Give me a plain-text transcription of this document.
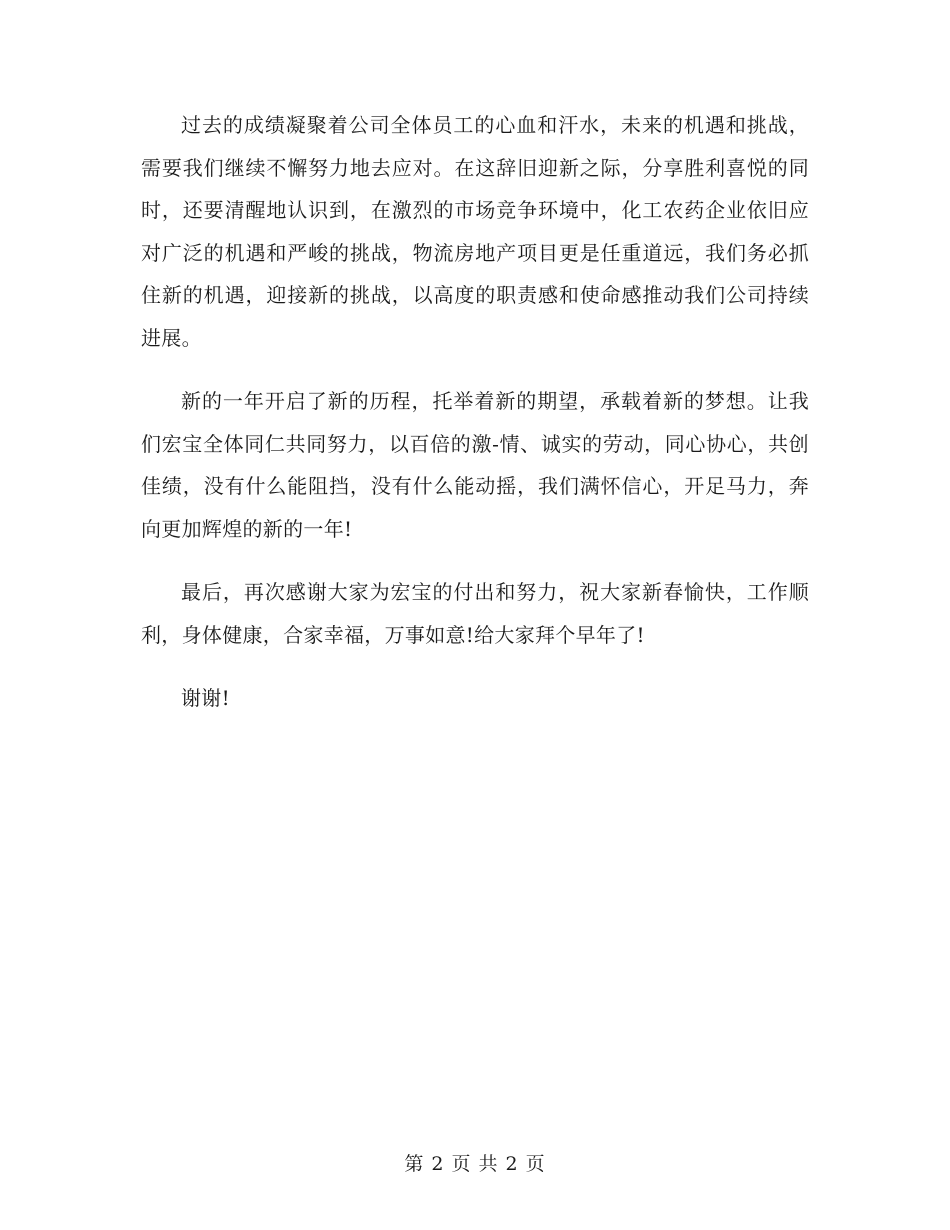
过去的成绩凝聚着公司全体员工的心血和汗水，未来的机遇和挑战，需要我们继续不懈努力地去应对。在这辞旧迎新之际，分享胜利喜悦的同时，还要清醒地认识到，在激烈的市场竞争环境中，化工农药企业依旧应对广泛的机遇和严峻的挑战，物流房地产项目更是任重道远，我们务必抓住新的机遇，迎接新的挑战，以高度的职责感和使命感推动我们公司持续进展。

新的一年开启了新的历程，托举着新的期望，承载着新的梦想。让我们宏宝全体同仁共同努力，以百倍的激-情、诚实的劳动，同心协心，共创佳绩，没有什么能阻挡，没有什么能动摇，我们满怀信心，开足马力，奔向更加辉煌的新的一年!

最后，再次感谢大家为宏宝的付出和努力，祝大家新春愉快，工作顺利，身体健康，合家幸福，万事如意!给大家拜个早年了!

谢谢!

第 2 页 共 2 页
